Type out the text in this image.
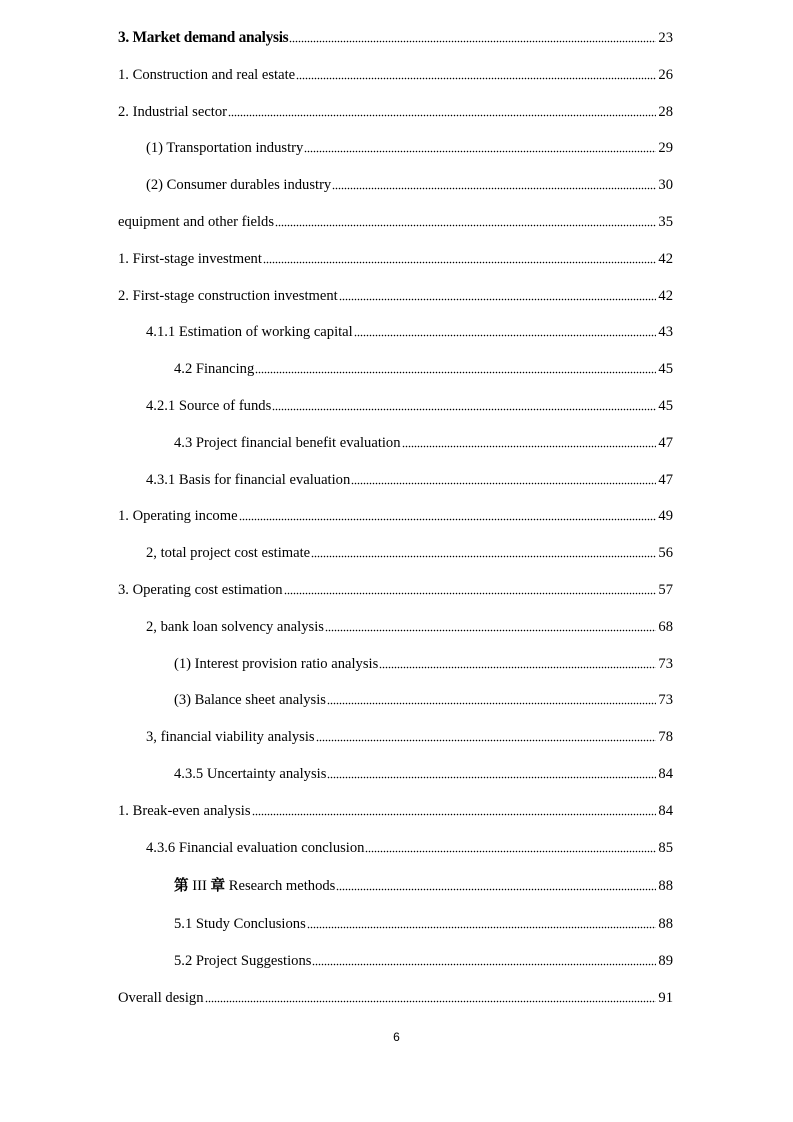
3. Market demand analysis	23
1. Construction and real estate	26
2. Industrial sector	28
(1) Transportation industry	29
(2) Consumer durables industry	30
equipment and other fields	35
1. First-stage investment	42
2. First-stage construction investment	42
4.1.1 Estimation of working capital	43
4.2 Financing	45
4.2.1 Source of funds	45
4.3 Project financial benefit evaluation	47
4.3.1 Basis for financial evaluation	47
1. Operating income	49
2, total project cost estimate	56
3. Operating cost estimation	57
2, bank loan solvency analysis	68
(1) Interest provision ratio analysis	73
(3) Balance sheet analysis	73
3, financial viability analysis	78
4.3.5 Uncertainty analysis	84
1. Break-even analysis	84
4.3.6 Financial evaluation conclusion	85
第 III 章 Research methods	88
5.1 Study Conclusions	88
5.2 Project Suggestions	89
Overall design	91
6
